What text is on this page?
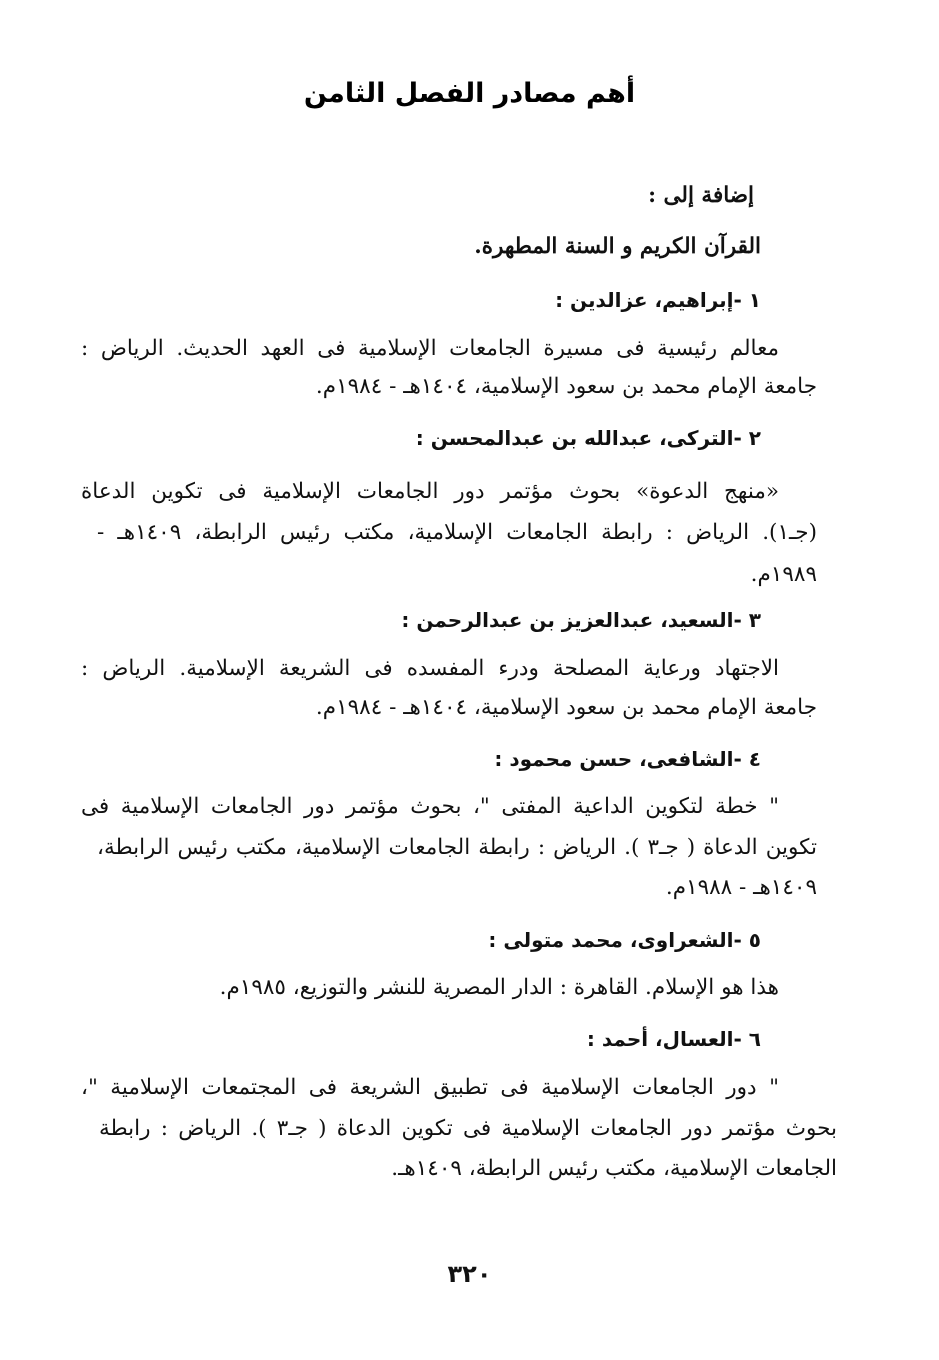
أهم مصادر الفصل الثامن
إضافة إلى :
القرآن الكريم و السنة المطهرة.
١ -إبراهيم، عزالدين :
معالم رئيسية فى مسيرة الجامعات الإسلامية فى العهد الحديث. الرياض :
جامعة الإمام محمد بن سعود الإسلامية، ١٤٠٤هـ - ١٩٨٤م.
٢ -التركى، عبدالله بن عبدالمحسن :
«منهج الدعوة» بحوث مؤتمر دور الجامعات الإسلامية فى تكوين الدعاة
(جـ١). الرياض : رابطة الجامعات الإسلامية، مكتب رئيس الرابطة، ١٤٠٩هـ -
١٩٨٩م.
٣ -السعيد، عبدالعزيز بن عبدالرحمن :
الاجتهاد ورعاية المصلحة ودرء المفسده فى الشريعة الإسلامية. الرياض :
جامعة الإمام محمد بن سعود الإسلامية، ١٤٠٤هـ - ١٩٨٤م.
٤ -الشافعى، حسن محمود :
" خطة لتكوين الداعية المفتى "، بحوث مؤتمر دور الجامعات الإسلامية فى
تكوين الدعاة ( جـ٣ ). الرياض : رابطة الجامعات الإسلامية، مكتب رئيس الرابطة،
١٤٠٩هـ - ١٩٨٨م.
٥ -الشعراوى، محمد متولى :
هذا هو الإسلام. القاهرة : الدار المصرية للنشر والتوزيع، ١٩٨٥م.
٦ -العسال، أحمد :
" دور الجامعات الإسلامية فى تطبيق الشريعة فى المجتمعات الإسلامية "،
بحوث مؤتمر دور الجامعات الإسلامية فى تكوين الدعاة ( جـ٣ ). الرياض : رابطة
الجامعات الإسلامية، مكتب رئيس الرابطة، ١٤٠٩هـ.
٣٢٠
